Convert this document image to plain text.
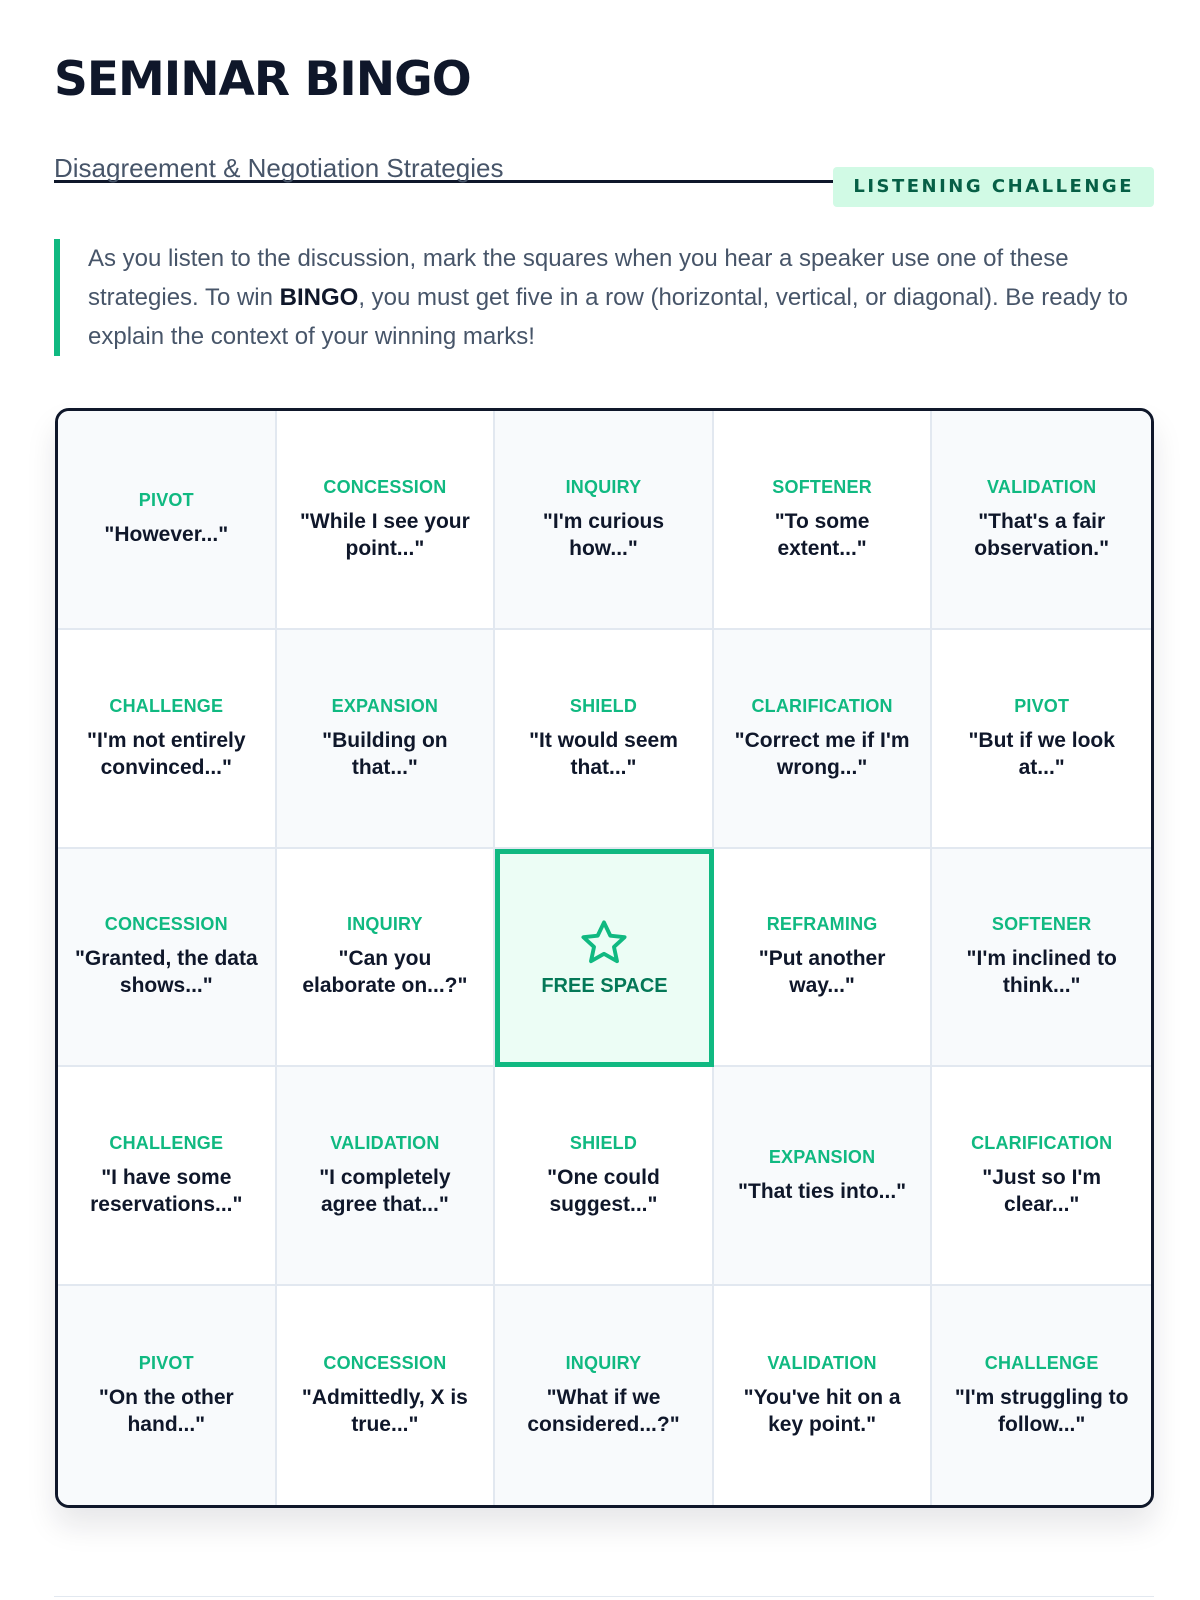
SEMINAR BINGO
Disagreement & Negotiation Strategies
LISTENING CHALLENGE
As you listen to the discussion, mark the squares when you hear a speaker use one of these strategies. To win BINGO, you must get five in a row (horizontal, vertical, or diagonal). Be ready to explain the context of your winning marks!
PIVOT
"However..."
CONCESSION
"While I see your point..."
INQUIRY
"I'm curious how..."
SOFTENER
"To some extent..."
VALIDATION
"That's a fair observation."
CHALLENGE
"I'm not entirely convinced..."
EXPANSION
"Building on that..."
SHIELD
"It would seem that..."
CLARIFICATION
"Correct me if I'm wrong..."
PIVOT
"But if we look at..."
CONCESSION
"Granted, the data shows..."
INQUIRY
"Can you elaborate on...?"	FREE SPACE
REFRAMING
"Put another way..."
SOFTENER
"I'm inclined to think..."
CHALLENGE
"I have some reservations..."
VALIDATION
"I completely agree that..."
SHIELD
"One could suggest..."
EXPANSION
"That ties into..."
CLARIFICATION
"Just so I'm clear..."
PIVOT
"On the other hand..."
CONCESSION
"Admittedly, X is true..."
INQUIRY
"What if we considered...?"
VALIDATION
"You've hit on a key point."
CHALLENGE
"I'm struggling to follow..."
